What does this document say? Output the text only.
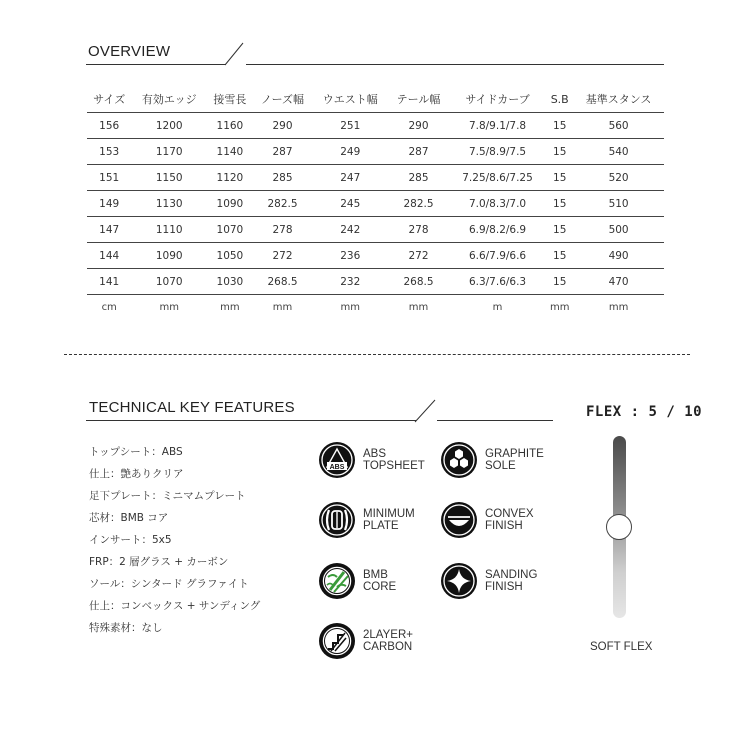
OVERVIEW
サイズ	有効エッジ	接雪長	ノーズ幅	ウエスト幅	テール幅	サイドカーブ	S.B	基準スタンス
156	1200	1160	290	251	290	7.8/9.1/7.8	15	560
153	1170	1140	287	249	287	7.5/8.9/7.5	15	540
151	1150	1120	285	247	285	7.25/8.6/7.25	15	520
149	1130	1090	282.5	245	282.5	7.0/8.3/7.0	15	510
147	1110	1070	278	242	278	6.9/8.2/6.9	15	500
144	1090	1050	272	236	272	6.6/7.9/6.6	15	490
141	1070	1030	268.5	232	268.5	6.3/7.6/6.3	15	470
cm	mm	mm	mm	mm	mm	m	mm	mm
TECHNICAL KEY FEATURES
トップシート：ABS
仕上：艶ありクリア
足下プレート：ミニマムプレート
芯材：BMB コア
インサート：5x5
FRP：2 層グラス + カーボン
ソール：シンタード グラファイト
仕上：コンベックス + サンディング
特殊素材：なし
ABS
ABS
TOPSHEET
GRAPHITE
SOLE
MINIMUM
PLATE
CONVEX
FINISH
BMB
CORE
SANDING
FINISH
2LAYER+
CARBON
FLEX : 5 / 10
SOFT FLEX
